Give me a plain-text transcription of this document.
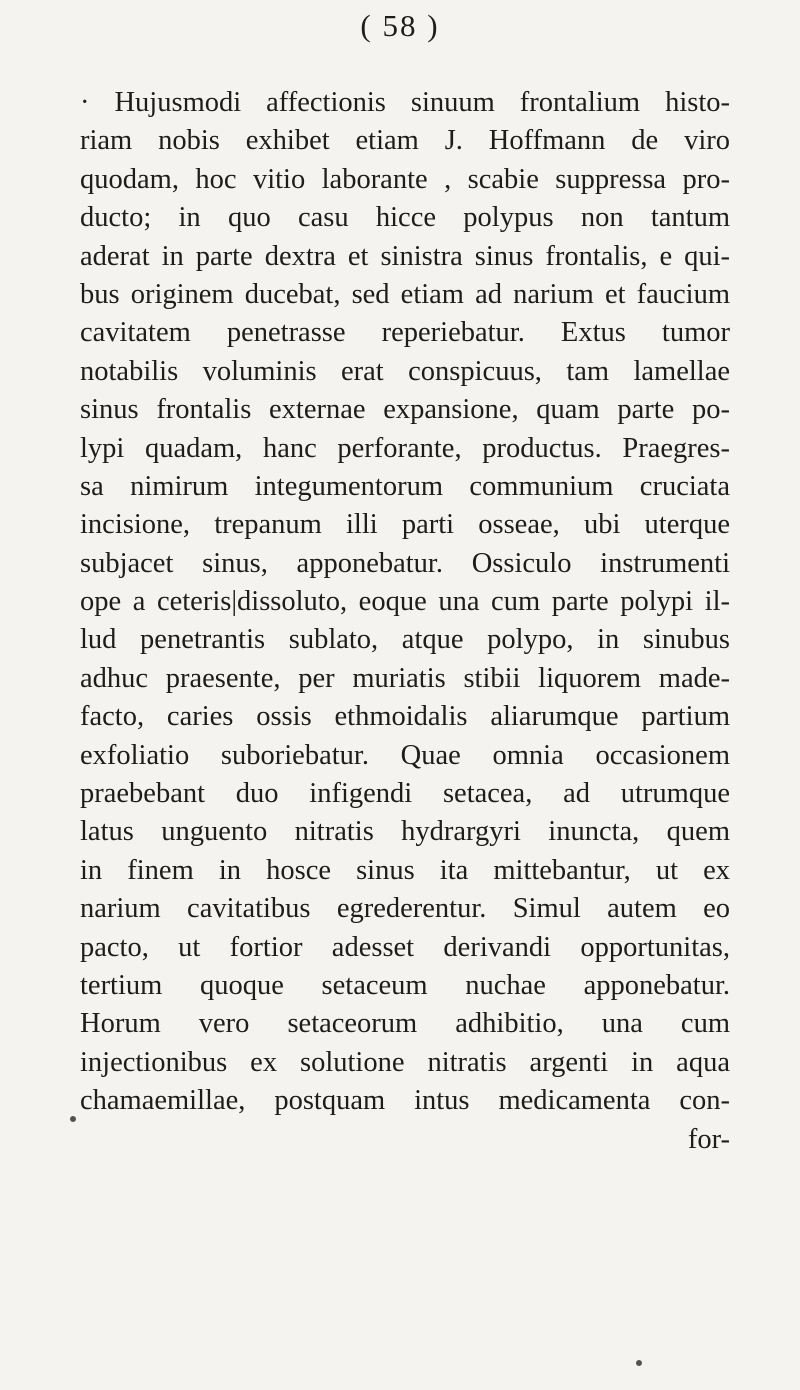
( 58 )
· Hujusmodi affectionis sinuum frontalium histo-
riam nobis exhibet etiam J. Hoffmann de viro
quodam, hoc vitio laborante , scabie suppressa pro-
ducto; in quo casu hicce polypus non tantum
aderat in parte dextra et sinistra sinus frontalis, e qui-
bus originem ducebat, sed etiam ad narium et faucium
cavitatem penetrasse reperiebatur. Extus tumor
notabilis voluminis erat conspicuus, tam lamellae
sinus frontalis externae expansione, quam parte po-
lypi quadam, hanc perforante, productus. Praegres-
sa nimirum integumentorum communium cruciata
incisione, trepanum illi parti osseae, ubi uterque
subjacet sinus, apponebatur. Ossiculo instrumenti
ope a ceteris|dissoluto, eoque una cum parte polypi il-
lud penetrantis sublato, atque polypo, in sinubus
adhuc praesente, per muriatis stibii liquorem made-
facto, caries ossis ethmoidalis aliarumque partium
exfoliatio suboriebatur. Quae omnia occasionem
praebebant duo infigendi setacea, ad utrumque
latus unguento nitratis hydrargyri inuncta, quem
in finem in hosce sinus ita mittebantur, ut ex
narium cavitatibus egrederentur. Simul autem eo
pacto, ut fortior adesset derivandi opportunitas,
tertium quoque setaceum nuchae apponebatur.
Horum vero setaceorum adhibitio, una cum
injectionibus ex solutione nitratis argenti in aqua
chamaemillae, postquam intus medicamenta con-
for-
